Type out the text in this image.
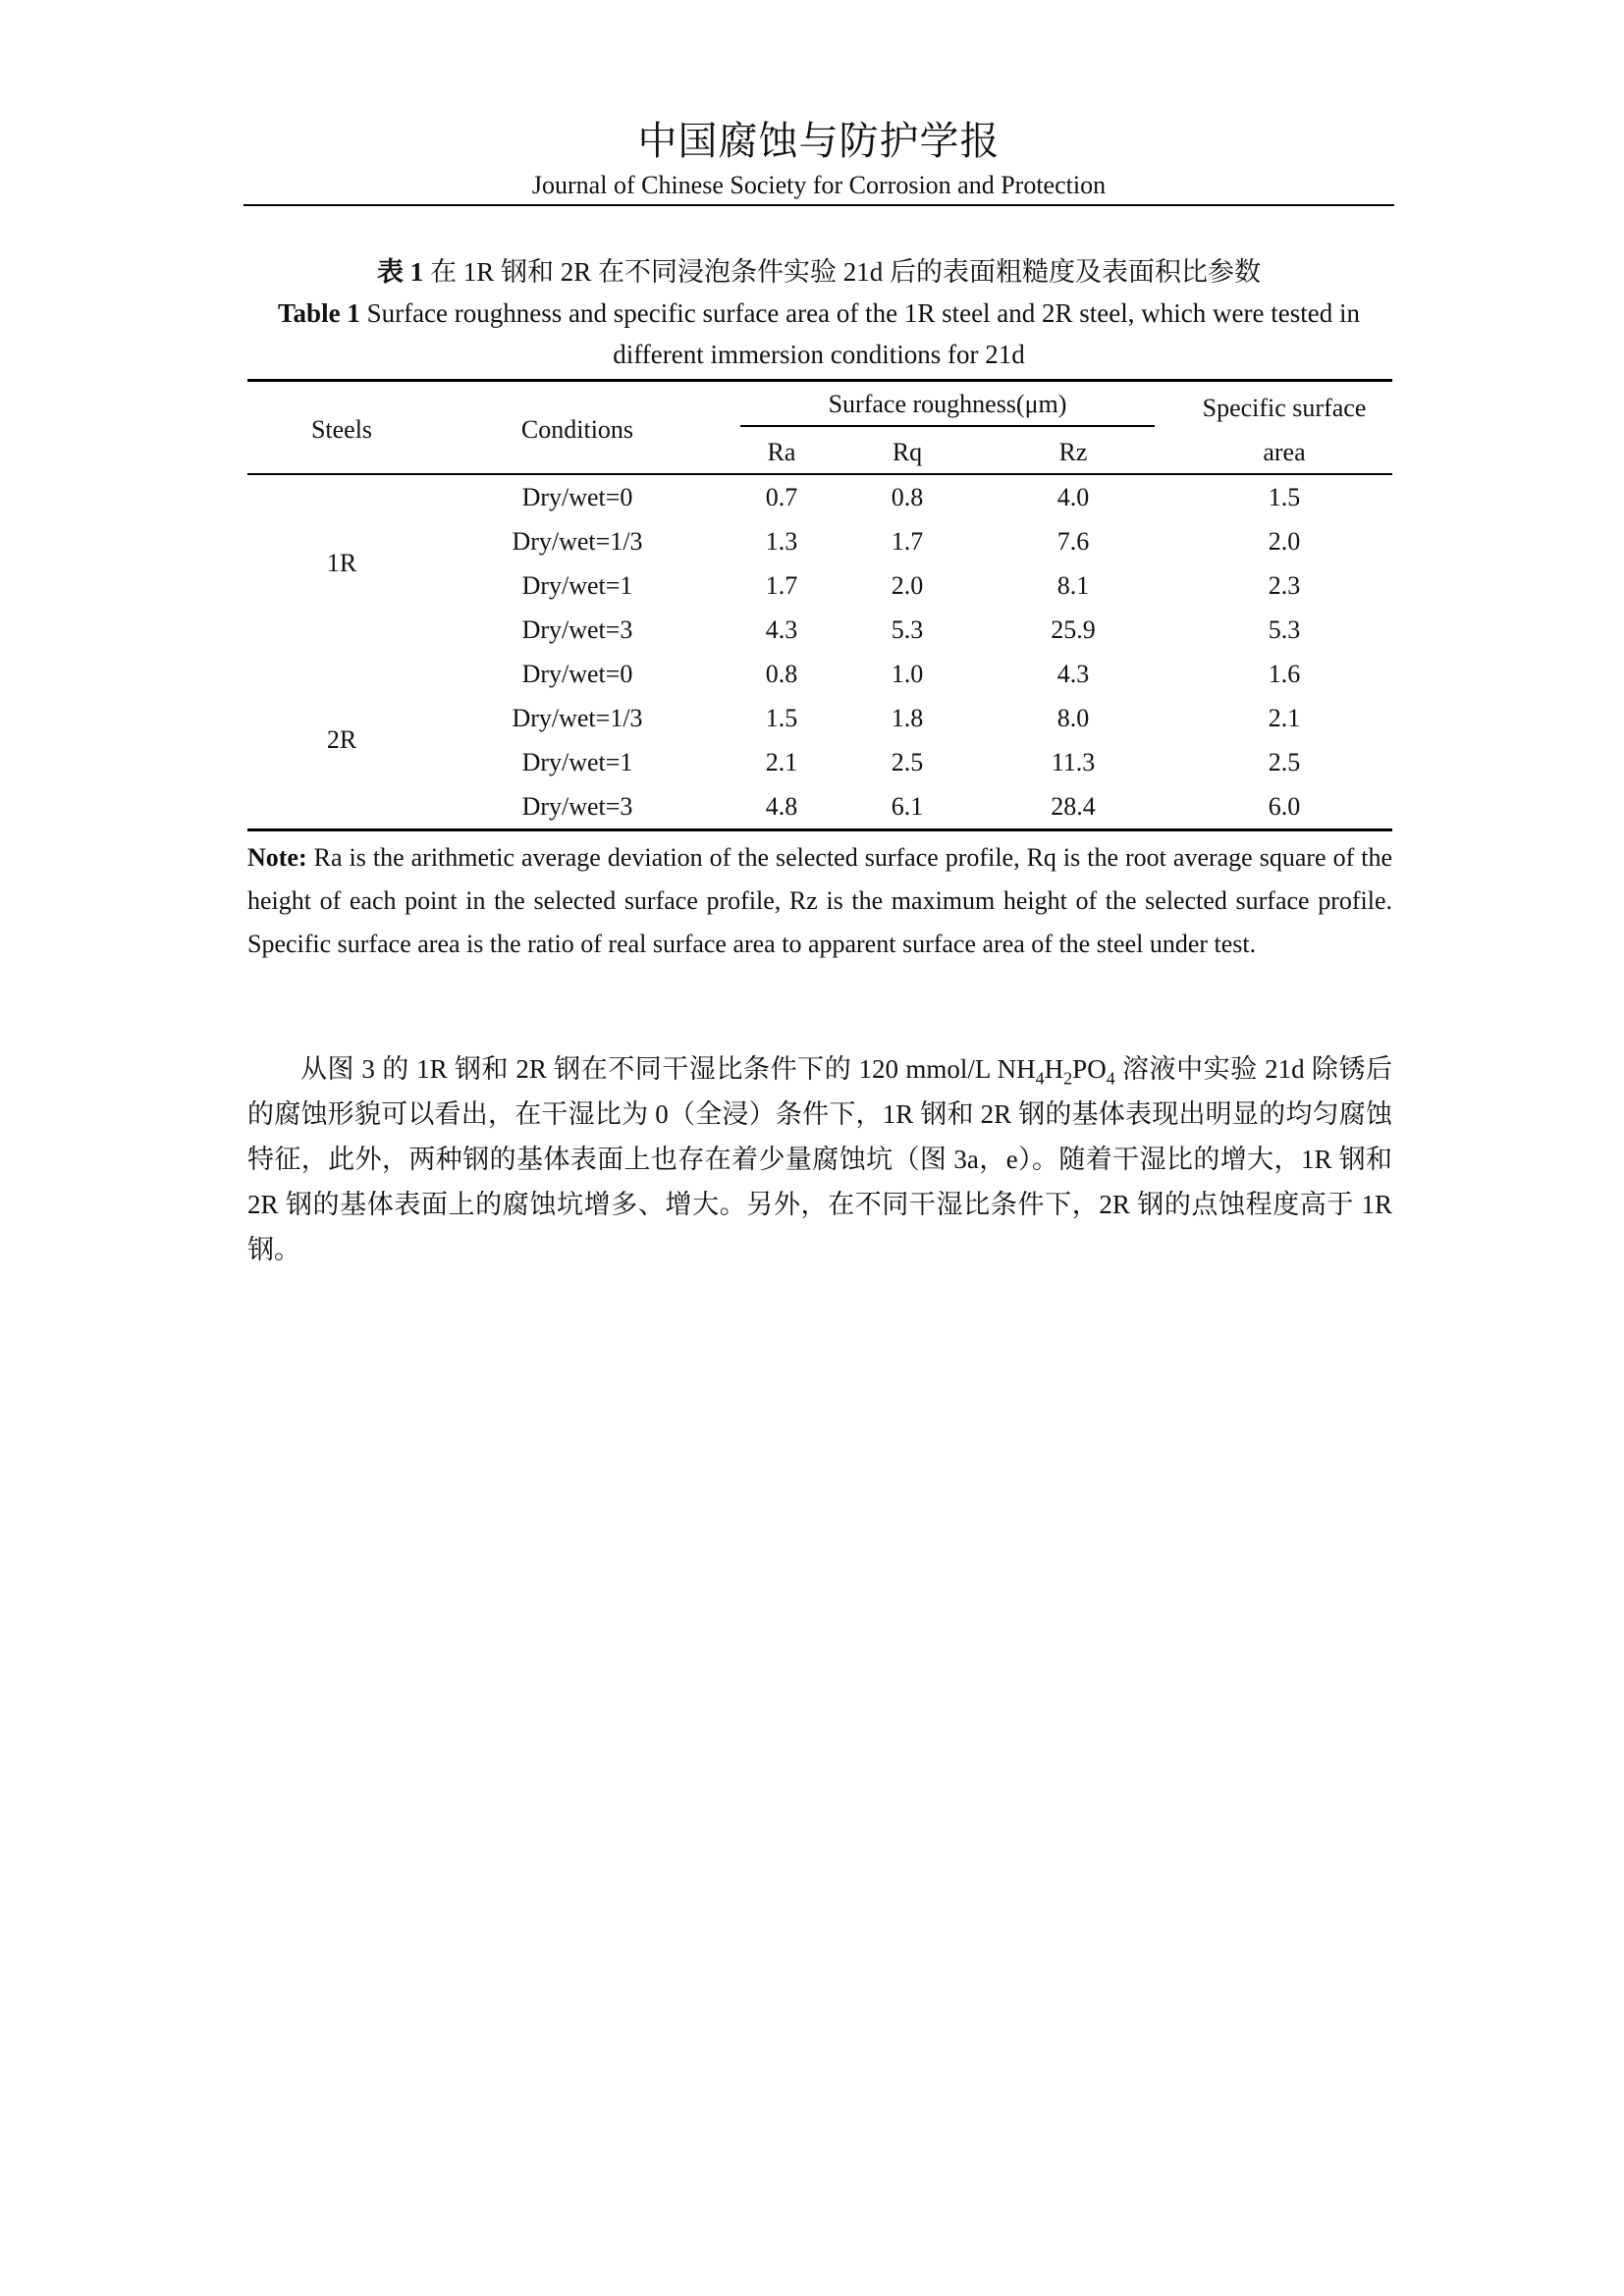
中国腐蚀与防护学报
Journal of Chinese Society for Corrosion and Protection
表 1 在 1R 钢和 2R 在不同浸泡条件实验 21d 后的表面粗糙度及表面积比参数
Table 1 Surface roughness and specific surface area of the 1R steel and 2R steel, which were tested in different immersion conditions for 21d
Steels	Conditions	Surface roughness(μm)			Specific surface
		Ra	Rq	Rz	area
1R	Dry/wet=0	0.7	0.8	4.0	1.5
	Dry/wet=1/3	1.3	1.7	7.6	2.0
	Dry/wet=1	1.7	2.0	8.1	2.3
	Dry/wet=3	4.3	5.3	25.9	5.3
2R	Dry/wet=0	0.8	1.0	4.3	1.6
	Dry/wet=1/3	1.5	1.8	8.0	2.1
	Dry/wet=1	2.1	2.5	11.3	2.5
	Dry/wet=3	4.8	6.1	28.4	6.0
Note: Ra is the arithmetic average deviation of the selected surface profile, Rq is the root average square of the height of each point in the selected surface profile, Rz is the maximum height of the selected surface profile. Specific surface area is the ratio of real surface area to apparent surface area of the steel under test.
从图 3 的 1R 钢和 2R 钢在不同干湿比条件下的 120 mmol/L $NH_4H_2PO_4$ 溶液中实验 21d 除锈后的腐蚀形貌可以看出，在干湿比为 0（全浸）条件下，1R 钢和 2R 钢的基体表现出明显的均匀腐蚀特征，此外，两种钢的基体表面上也存在着少量腐蚀坑（图 3a，e）。随着干湿比的增大，1R 钢和 2R 钢的基体表面上的腐蚀坑增多、增大。另外，在不同干湿比条件下，2R 钢的点蚀程度高于 1R 钢。
